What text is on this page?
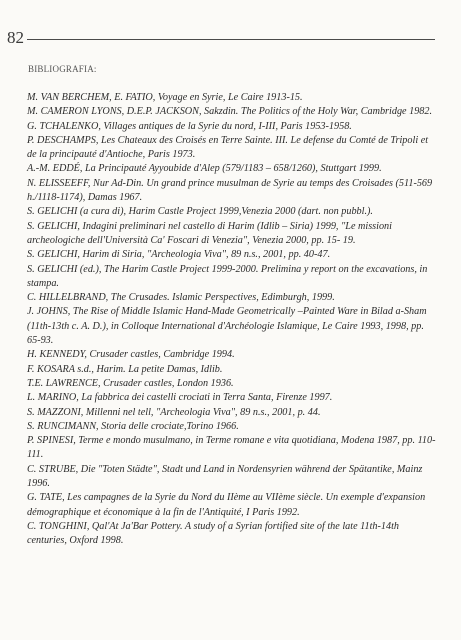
82
BIBLIOGRAFIA:
M. VAN BERCHEM, E. FATIO, Voyage en Syrie, Le Caire 1913-15.
M. CAMERON LYONS, D.E.P. JACKSON, Sakzdin. The Politics of the Holy War, Cambridge 1982.
G. TCHALENKO, Villages antiques de la Syrie du nord, I-III, Paris 1953-1958.
P. DESCHAMPS, Les Chateaux des Croisés en Terre Sainte. III. Le defense du Comté de Tripoli et de la principauté d'Antioche, Paris 1973.
A.-M. EDDÉ, La Principauté Ayyoubide d'Alep (579/1183 – 658/1260), Stuttgart 1999.
N. ELISSEEFF, Nur Ad-Din. Un grand prince musulman de Syrie au temps des Croisades (511-569 h./1118-1174), Damas 1967.
S. GELICHI (a cura di), Harim Castle Project 1999,Venezia 2000 (dart. non pubbl.).
S. GELICHI, Indagini preliminari nel castello di Harim (Idlib – Siria) 1999, "Le missioni archeologiche dell'Università Ca' Foscari di Venezia", Venezia 2000, pp. 15- 19.
S. GELICHI, Harim di Siria, "Archeologia Viva", 89 n.s., 2001, pp. 40-47.
S. GELICHI (ed.), The Harim Castle Project 1999-2000. Prelimina y report on the excavations, in stampa.
C. HILLELBRAND, The Crusades. Islamic Perspectives, Edimburgh, 1999.
J. JOHNS, The Rise of Middle Islamic Hand-Made Geometrically –Painted Ware in Bilad a-Sham (11th-13th c. A. D.), in Colloque International d'Archéologie Islamique, Le Caire 1993, 1998, pp. 65-93.
H. KENNEDY, Crusader castles, Cambridge 1994.
F. KOSARA s.d., Harim. La petite Damas, Idlib.
T.E. LAWRENCE, Crusader castles, London 1936.
L. MARINO, La fabbrica dei castelli crociati in Terra Santa, Firenze 1997.
S. MAZZONI, Millenni nel tell, "Archeologia Viva", 89 n.s., 2001, p. 44.
S. RUNCIMANN, Storia delle crociate,Torino 1966.
P. SPINESI, Terme e mondo musulmano, in Terme romane e vita quotidiana, Modena 1987, pp. 110-111.
C. STRUBE, Die "Toten Städte", Stadt und Land in Nordensyrien während der Spätantike, Mainz 1996.
G. TATE, Les campagnes de la Syrie du Nord du IIème au VIIème siècle. Un exemple d'expansion démographique et économique à la fin de l'Antiquité, I Paris 1992.
C. TONGHINI, Qal'At Ja'Bar Pottery. A study of a Syrian fortified site of the late 11th-14th centuries, Oxford 1998.
